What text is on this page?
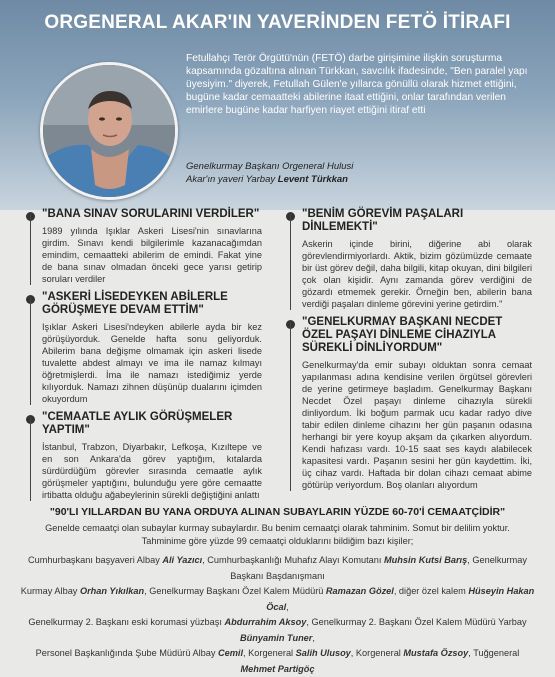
ORGENERAL AKAR'IN YAVERİNDEN FETÖ İTİRAFI
Fetullahçı Terör Örgütü'nün (FETÖ) darbe girişimine ilişkin soruşturma kapsamında gözaltına alınan Türkkan, savcılık ifadesinde, "Ben paralel yapı üyesiyim." diyerek, Fetullah Gülen'e yıllarca gönüllü olarak hizmet ettiğini, bugüne kadar cemaatteki abilerine itaat ettiğini, onlar tarafından verilen emirlere bugüne kadar harfiyen riayet ettiğini itiraf etti
Genelkurmay Başkanı Orgeneral Hulusi
Akar'ın yaveri Yarbay Levent Türkkan
"BANA SINAV SORULARINI VERDİLER"
1989 yılında Işıklar Askeri Lisesi'nin sınavlarına girdim. Sınavı kendi bilgilerimle kazanacağımdan emindim, cemaatteki abilerim de emindi. Fakat yine de bana sınav olmadan önceki gece yarısı getirip soruları verdiler
"ASKERİ LİSEDEYKEN ABİLERLE GÖRÜŞMEYE DEVAM ETTİM"
Işıklar Askeri Lisesi'ndeyken abilerle ayda bir kez görüşüyorduk. Genelde hafta sonu geliyorduk. Abilerim bana değişme olmamak için askeri lisede tuvalette abdest almayı ve ima ile namaz kılmayı öğretmişlerdi. İma ile namazı istediğimiz yerde kılıyorduk. Namazı zihnen düşünüp dualarını içimden okuyordum
"CEMAATLE AYLIK GÖRÜŞMELER YAPTIM"
İstanbul, Trabzon, Diyarbakır, Lefkoşa, Kızıltepe ve en son Ankara'da görev yaptığım, kıtalarda sürdürdüğüm görevler sırasında cemaatle aylık görüşmeler yaptığını, bulunduğu yere göre cemaatte irtibatta olduğu ağabeylerinin sürekli değiştiğini anlattı
"BENİM GÖREVİM PAŞALARI DİNLEMEKTİ"
Askerin içinde birini, diğerine abi olarak görevlendirmiyorlardı. Aktik, bizim gözümüzde cemaate bir üst görev değil, daha bilgili, kitap okuyan, dini bilgileri çok olan kişidir. Aynı zamanda görev verdiğini de gözardı etmemek gerekir. Örneğin ben, abilerin bana verdiği paşaları dinleme görevini yerine getirdim."
"GENELKURMAY BAŞKANI NECDET ÖZEL PAŞAYI DİNLEME CİHAZIYLA SÜREKLİ DİNLİYORDUM"
Genelkurmay'da emir subayı olduktan sonra cemaat yapılanması adına kendisine verilen örgütsel görevleri de yerine getirmeye başladım. Genelkurmay Başkanı Necdet Özel paşayı dinleme cihazıyla sürekli dinliyordum. İki boğum parmak ucu kadar radyo dive tabir edilen dinleme cihazını her gün paşanın odasına herhangi bir yere koyup akşam da çıkarken alıyordum. Kendi hafızası vardı. 10-15 saat ses kaydı alabilecek kapasitesi vardı. Paşanın sesini her gün kaydettim. İki, üç cihaz vardı. Haftada bir dolan cihazı cemaat abime götürüp veriyordum. Boş olanları alıyordum
"90'LI YILLARDAN BU YANA ORDUYA ALINAN SUBAYLARIN YÜZDE 60-70'İ CEMAATÇİDİR"
Genelde cemaatçi olan subaylar kurmay subaylardır. Bu benim cemaatçi olarak tahminim. Somut bir delilim yoktur.
Tahminime göre yüzde 99 cemaatçi olduklarını bildiğim bazı kişiler;
Cumhurbaşkanı başyaveri Albay Ali Yazıcı, Cumhurbaşkanlığı Muhafız Alayı Komutanı Muhsin Kutsi Barış, Genelkurmay Başkanı Başdanışmanı
Kurmay Albay Orhan Yıkılkan, Genelkurmay Başkanı Özel Kalem Müdürü Ramazan Gözel, diğer özel kalem Hüseyin Hakan Öcal,
Genelkurmay 2. Başkanı eski korumasi yüzbaşı Abdurrahim Aksoy, Genelkurmay 2. Başkanı Özel Kalem Müdürü Yarbay Bünyamin Tuner,
Personel Başkanlığında Şube Müdürü Albay Cemil, Korgeneral Salih Ulusoy, Korgeneral Mustafa Özsoy, Tuğgeneral Mehmet Partigöç
